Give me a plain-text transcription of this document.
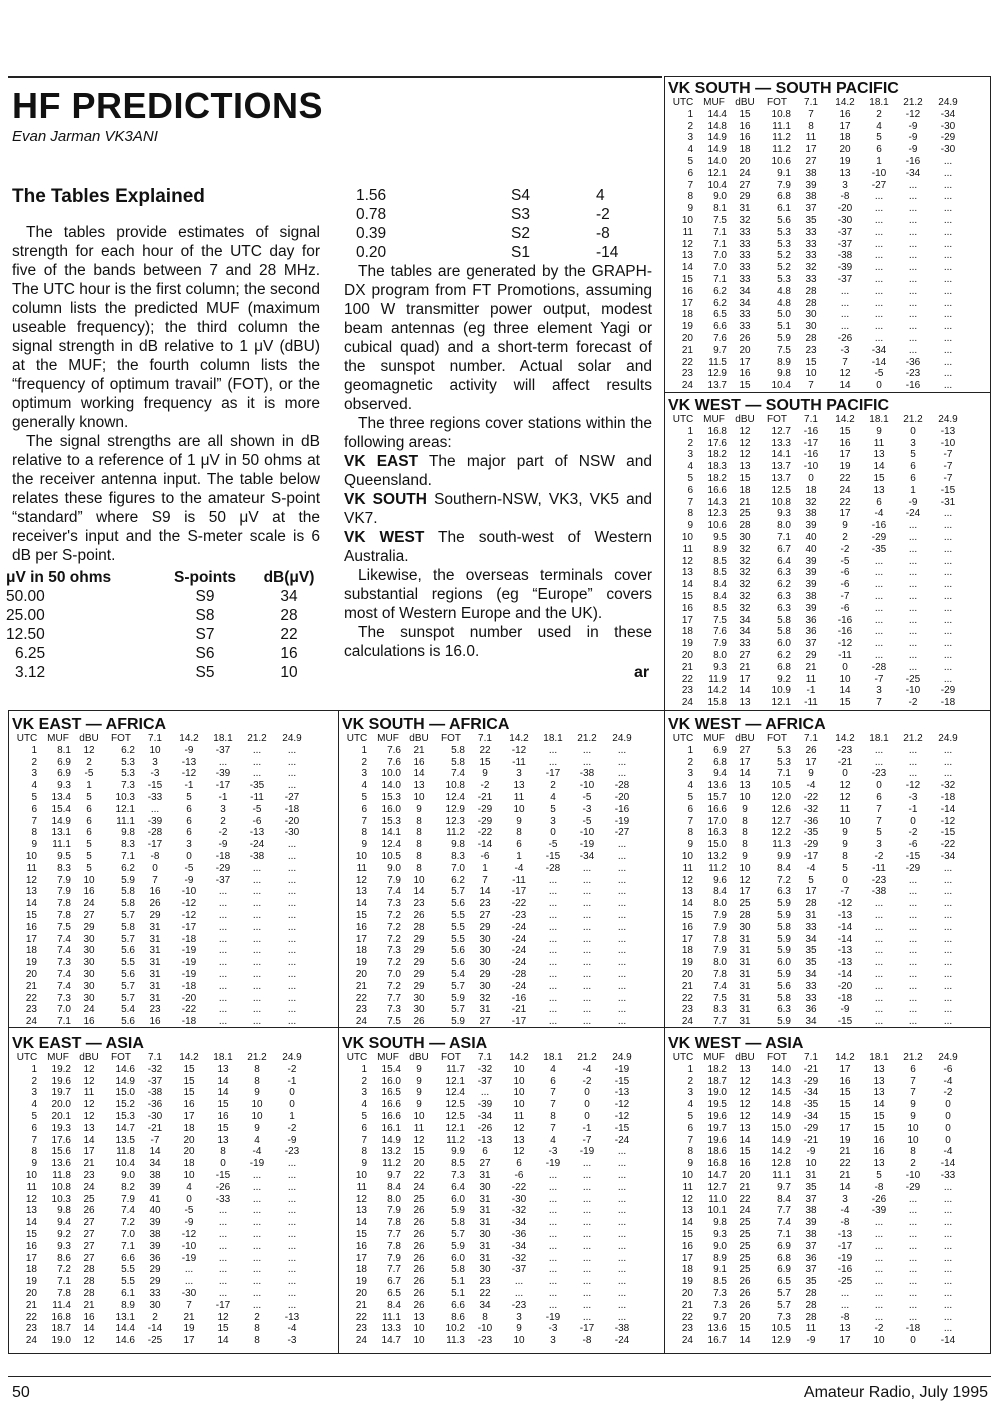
HF PREDICTIONS
Evan Jarman VK3ANI
The Tables Explained

The tables provide estimates of signal strength for each hour of the UTC day for five of the bands between 7 and 28 MHz. The UTC hour is the first column; the second column lists the predicted MUF (maximum useable frequency); the third column the signal strength in dB relative to 1 μV (dBU) at the MUF; the fourth column lists the “frequency of optimum travail” (FOT), or the optimum working frequency as it is more generally known.

The signal strengths are all shown in dB relative to a reference of 1 μV in 50 ohms at the receiver antenna input. The table below relates these figures to the amateur S-point “standard” where S9 is 50 μV at the receiver's input and the S-meter scale is 6 dB per S-point.

μV in 50 ohms	S-points	dB(μV)
50.00	S9	34
25.00	S8	28
12.50	S7	22
6.25	S6	16
3.12	S5	10
1.56	S4	4
0.78	S3	-2
0.39	S2	-8
0.20	S1	-14

The tables are generated by the GRAPH-DX program from FT Promotions, assuming 100 W transmitter power output, modest beam antennas (eg three element Yagi or cubical quad) and a short-term forecast of the sunspot number. Actual solar and geomagnetic activity will affect results observed.

The three regions cover stations within the following areas:

VK EAST The major part of NSW and Queensland.

VK SOUTH Southern-NSW, VK3, VK5 and VK7.

VK WEST The south-west of Western Australia.

Likewise, the overseas terminals cover substantial regions (eg “Europe” covers most of Western Europe and the UK).

The sunspot number used in these calculations is 16.0.

ar
VK SOUTH — SOUTH PACIFIC
UTC MUF	dBU	FOT	7.1	14.2	18.1	21.2	24.9
1	14.4	15	10.8	7	16	2	-12	-34
2	14.8	16	11.1	8	17	4	-9	-30
3	14.9	16	11.2	11	18	5	-9	-29
4	14.9	18	11.2	17	20	6	-9	-30
5	14.0	20	10.6	27	19	1	-16	...
6	12.1	24	9.1	38	13	-10	-34	...
7	10.4	27	7.9	39	3	-27	...	...
8	9.0	29	6.8	38	-8	...	...	...
9	8.1	31	6.1	37	-20	...	...	...
10	7.5	32	5.6	35	-30	...	...	...
11	7.1	33	5.3	33	-37	...	...	...
12	7.1	33	5.3	33	-37	...	...	...
13	7.0	33	5.2	33	-38	...	...	...
14	7.0	33	5.2	32	-39	...	...	...
15	7.1	33	5.3	33	-37	...	...	...
16	6.2	34	4.8	28	...	...	...	...
17	6.2	34	4.8	28	...	...	...	...
18	6.5	33	5.0	30	...	...	...	...
19	6.6	33	5.1	30	...	...	...	...
20	7.6	26	5.9	28	-26	...	...	...
21	9.7	20	7.5	23	-3	-34	...	...
22	11.5	17	8.9	15	7	-14	-36	...
23	12.9	16	9.8	10	12	-5	-23	...
24	13.7	15	10.4	7	14	0	-16	...
VK WEST — SOUTH PACIFIC
UTC MUF	dBU	FOT	7.1	14.2	18.1	21.2	24.9
1	16.8	12	12.7	-16	15	9	0	-13
2	17.6	12	13.3	-17	16	11	3	-10
3	18.2	12	14.1	-16	17	13	5	-7
4	18.3	13	13.7	-10	19	14	6	-7
5	18.2	15	13.7	0	22	15	6	-7
6	16.6	18	12.5	18	24	13	1	-15
7	14.3	21	10.8	32	22	6	-9	-31
8	12.3	25	9.3	38	17	-4	-24	...
9	10.6	28	8.0	39	9	-16	...	...
10	9.5	30	7.1	40	2	-29	...	...
11	8.9	32	6.7	40	-2	-35	...	...
12	8.5	32	6.4	39	-5	...	...	...
13	8.5	32	6.3	39	-6	...	...	...
14	8.4	32	6.2	39	-6	...	...	...
15	8.4	32	6.3	38	-7	...	...	...
16	8.5	32	6.3	39	-6	...	...	...
17	7.5	34	5.8	36	-16	...	...	...
18	7.6	34	5.8	36	-16	...	...	...
19	7.9	33	6.0	37	-12	...	...	...
20	8.0	27	6.2	29	-11	...	...	...
21	9.3	21	6.8	21	0	-28	...	...
22	11.9	17	9.2	11	10	-7	-25	...
23	14.2	14	10.9	-1	14	3	-10	-29
24	15.8	13	12.1	-11	15	7	-2	-18
VK EAST — AFRICA
UTC MUF	dBU	FOT	7.1	14.2	18.1	21.2	24.9
1	8.1	12	6.2	10	-9	-37	...	...
2	6.9	2	5.3	3	-13	...	...	...
3	6.9	-5	5.3	-3	-12	-39	...	...
4	9.3	1	7.3	-15	-1	-17	-35	...
5	13.4	5	10.3	-33	5	-1	-11	-27
6	15.4	6	12.1	...	6	3	-5	-18
7	14.9	6	11.1	-39	6	2	-6	-20
8	13.1	6	9.8	-28	6	-2	-13	-30
9	11.1	5	8.3	-17	3	-9	-24	...
10	9.5	5	7.1	-8	0	-18	-38	...
11	8.3	5	6.2	0	-5	-29	...	...
12	7.9	10	5.9	7	-9	-37	...	...
13	7.9	16	5.8	16	-10	...	...	...
14	7.8	24	5.8	26	-12	...	...	...
15	7.8	27	5.7	29	-12	...	...	...
16	7.5	29	5.8	31	-17	...	...	...
17	7.4	30	5.7	31	-18	...	...	...
18	7.4	30	5.6	31	-19	...	...	...
19	7.3	30	5.5	31	-19	...	...	...
20	7.4	30	5.6	31	-19	...	...	...
21	7.4	30	5.7	31	-18	...	...	...
22	7.3	30	5.7	31	-20	...	...	...
23	7.0	24	5.4	23	-22	...	...	...
24	7.1	16	5.6	16	-18	...	...	...
VK SOUTH — AFRICA
UTC MUF	dBU	FOT	7.1	14.2	18.1	21.2	24.9
1	7.6	21	5.8	22	-12	...	...	...
2	7.6	16	5.8	15	-11	...	...	...
3	10.0	14	7.4	9	3	-17	-38	...
4	14.0	13	10.8	-2	13	2	-10	-28
5	15.3	10	12.4	-21	11	4	-5	-20
6	16.0	9	12.9	-29	10	5	-3	-16
7	15.3	8	12.3	-29	9	3	-5	-19
8	14.1	8	11.2	-22	8	0	-10	-27
9	12.4	8	9.8	-14	6	-5	-19	...
10	10.5	8	8.3	-6	1	-15	-34	...
11	9.0	8	7.0	1	-4	-28	...	...
12	7.9	10	6.2	7	-11	...	...	...
13	7.4	14	5.7	14	-17	...	...	...
14	7.3	23	5.6	23	-22	...	...	...
15	7.2	26	5.5	27	-23	...	...	...
16	7.2	28	5.5	29	-24	...	...	...
17	7.2	29	5.5	30	-24	...	...	...
18	7.3	29	5.6	30	-24	...	...	...
19	7.2	29	5.6	30	-24	...	...	...
20	7.0	29	5.4	29	-28	...	...	...
21	7.2	29	5.7	30	-24	...	...	...
22	7.7	30	5.9	32	-16	...	...	...
23	7.3	30	5.7	31	-21	...	...	...
24	7.5	26	5.9	27	-17	...	...	...
VK WEST — AFRICA
UTC MUF	dBU	FOT	7.1	14.2	18.1	21.2	24.9
1	6.9	27	5.3	26	-23	...	...	...
2	6.8	17	5.3	17	-21	...	...	...
3	9.4	14	7.1	9	0	-23	...	...
4	13.6	13	10.5	-4	12	0	-12	-32
5	15.7	10	12.0	-22	12	6	-3	-18
6	16.6	9	12.6	-32	11	7	-1	-14
7	17.0	8	12.7	-36	10	7	0	-12
8	16.3	8	12.2	-35	9	5	-2	-15
9	15.0	8	11.3	-29	9	3	-6	-22
10	13.2	9	9.9	-17	8	-2	-15	-34
11	11.2	10	8.4	-4	5	-11	-29	...
12	9.6	12	7.2	5	0	-23	...	...
13	8.4	17	6.3	17	-7	-38	...	...
14	8.0	25	5.9	28	-12	...	...	...
15	7.9	28	5.9	31	-13	...	...	...
16	7.9	30	5.8	33	-14	...	...	...
17	7.8	31	5.9	34	-14	...	...	...
18	7.9	31	5.9	35	-13	...	...	...
19	8.0	31	6.0	35	-13	...	...	...
20	7.8	31	5.9	34	-14	...	...	...
21	7.4	31	5.6	33	-20	...	...	...
22	7.5	31	5.8	33	-18	...	...	...
23	8.3	31	6.3	36	-9	...	...	...
24	7.7	31	5.9	34	-15	...	...	...
VK EAST — ASIA
UTC MUF	dBU	FOT	7.1	14.2	18.1	21.2	24.9
1	19.2	12	14.6	-32	15	13	8	-2
2	19.6	12	14.9	-37	15	14	8	-1
3	19.7	11	15.0	-38	15	14	9	0
4	20.0	12	15.2	-36	16	15	10	0
5	20.1	12	15.3	-30	17	16	10	1
6	19.3	13	14.7	-21	18	15	9	-2
7	17.6	14	13.5	-7	20	13	4	-9
8	15.6	17	11.8	14	20	8	-4	-23
9	13.6	21	10.4	34	18	0	-19	...
10	11.8	23	9.0	38	10	-15	...	...
11	10.8	24	8.2	39	4	-26	...	...
12	10.3	25	7.9	41	0	-33	...	...
13	9.8	26	7.4	40	-5	...	...	...
14	9.4	27	7.2	39	-9	...	...	...
15	9.2	27	7.0	38	-12	...	...	...
16	9.3	27	7.1	39	-10	...	...	...
17	8.6	27	6.6	36	-19	...	...	...
18	7.2	28	5.5	29	...	...	...	...
19	7.1	28	5.5	29	...	...	...	...
20	7.8	28	6.1	33	-30	...	...	...
21	11.4	21	8.9	30	7	-17	...	...
22	16.8	16	13.1	2	21	12	2	-13
23	18.7	14	14.4	-14	19	15	8	-4
24	19.0	12	14.6	-25	17	14	8	-3
VK SOUTH — ASIA
UTC MUF	dBU	FOT	7.1	14.2	18.1	21.2	24.9
1	15.4	9	11.7	-32	10	4	-4	-19
2	16.0	9	12.1	-37	10	6	-2	-15
3	16.5	9	12.4	...	10	7	0	-13
4	16.6	9	12.5	-39	10	7	0	-12
5	16.6	10	12.5	-34	11	8	0	-12
6	16.1	11	12.1	-26	12	7	-1	-15
7	14.9	12	11.2	-13	13	4	-7	-24
8	13.2	15	9.9	6	12	-3	-19	...
9	11.2	20	8.5	27	6	-19	...	...
10	9.7	22	7.3	31	-6	...	...	...
11	8.4	24	6.4	30	-22	...	...	...
12	8.0	25	6.0	31	-30	...	...	...
13	7.9	26	5.9	31	-32	...	...	...
14	7.8	26	5.8	31	-34	...	...	...
15	7.7	26	5.7	30	-36	...	...	...
16	7.8	26	5.9	31	-34	...	...	...
17	7.9	26	6.0	31	-32	...	...	...
18	7.7	26	5.8	30	-37	...	...	...
19	6.7	26	5.1	23	...	...	...	...
20	6.5	26	5.1	22	...	...	...	...
21	8.4	26	6.6	34	-23	...	...	...
22	11.1	13	8.6	8	3	-19	...	...
23	13.3	10	10.2	-10	9	-3	-17	-38
24	14.7	10	11.3	-23	10	3	-8	-24
VK WEST — ASIA
UTC MUF	dBU	FOT	7.1	14.2	18.1	21.2	24.9
1	18.2	13	14.0	-21	17	13	6	-6
2	18.7	12	14.3	-29	16	13	7	-4
3	19.0	12	14.5	-34	15	13	7	-2
4	19.5	12	14.8	-35	15	14	9	0
5	19.6	12	14.9	-34	15	15	9	0
6	19.7	13	15.0	-29	17	15	10	0
7	19.6	14	14.9	-21	19	16	10	0
8	18.6	15	14.2	-9	21	16	8	-4
9	16.8	16	12.8	10	22	13	2	-14
10	14.7	20	11.1	31	21	5	-10	-33
11	12.7	21	9.7	35	14	-8	-29	...
12	11.0	22	8.4	37	3	-26	...	...
13	10.1	24	7.7	38	-4	-39	...	...
14	9.8	25	7.4	39	-8	...	...	...
15	9.3	25	7.1	38	-13	...	...	...
16	9.0	25	6.9	37	-17	...	...	...
17	8.9	25	6.8	36	-19	...	...	...
18	9.1	25	6.9	37	-16	...	...	...
19	8.5	26	6.5	35	-25	...	...	...
20	7.3	26	5.7	28	...	...	...	...
21	7.3	26	5.7	28	...	...	...	...
22	9.7	20	7.3	28	-8	...	...	...
23	13.6	15	10.5	11	13	-2	-18	...
24	16.7	14	12.9	-9	17	10	0	-14
50	Amateur Radio, July 1995
